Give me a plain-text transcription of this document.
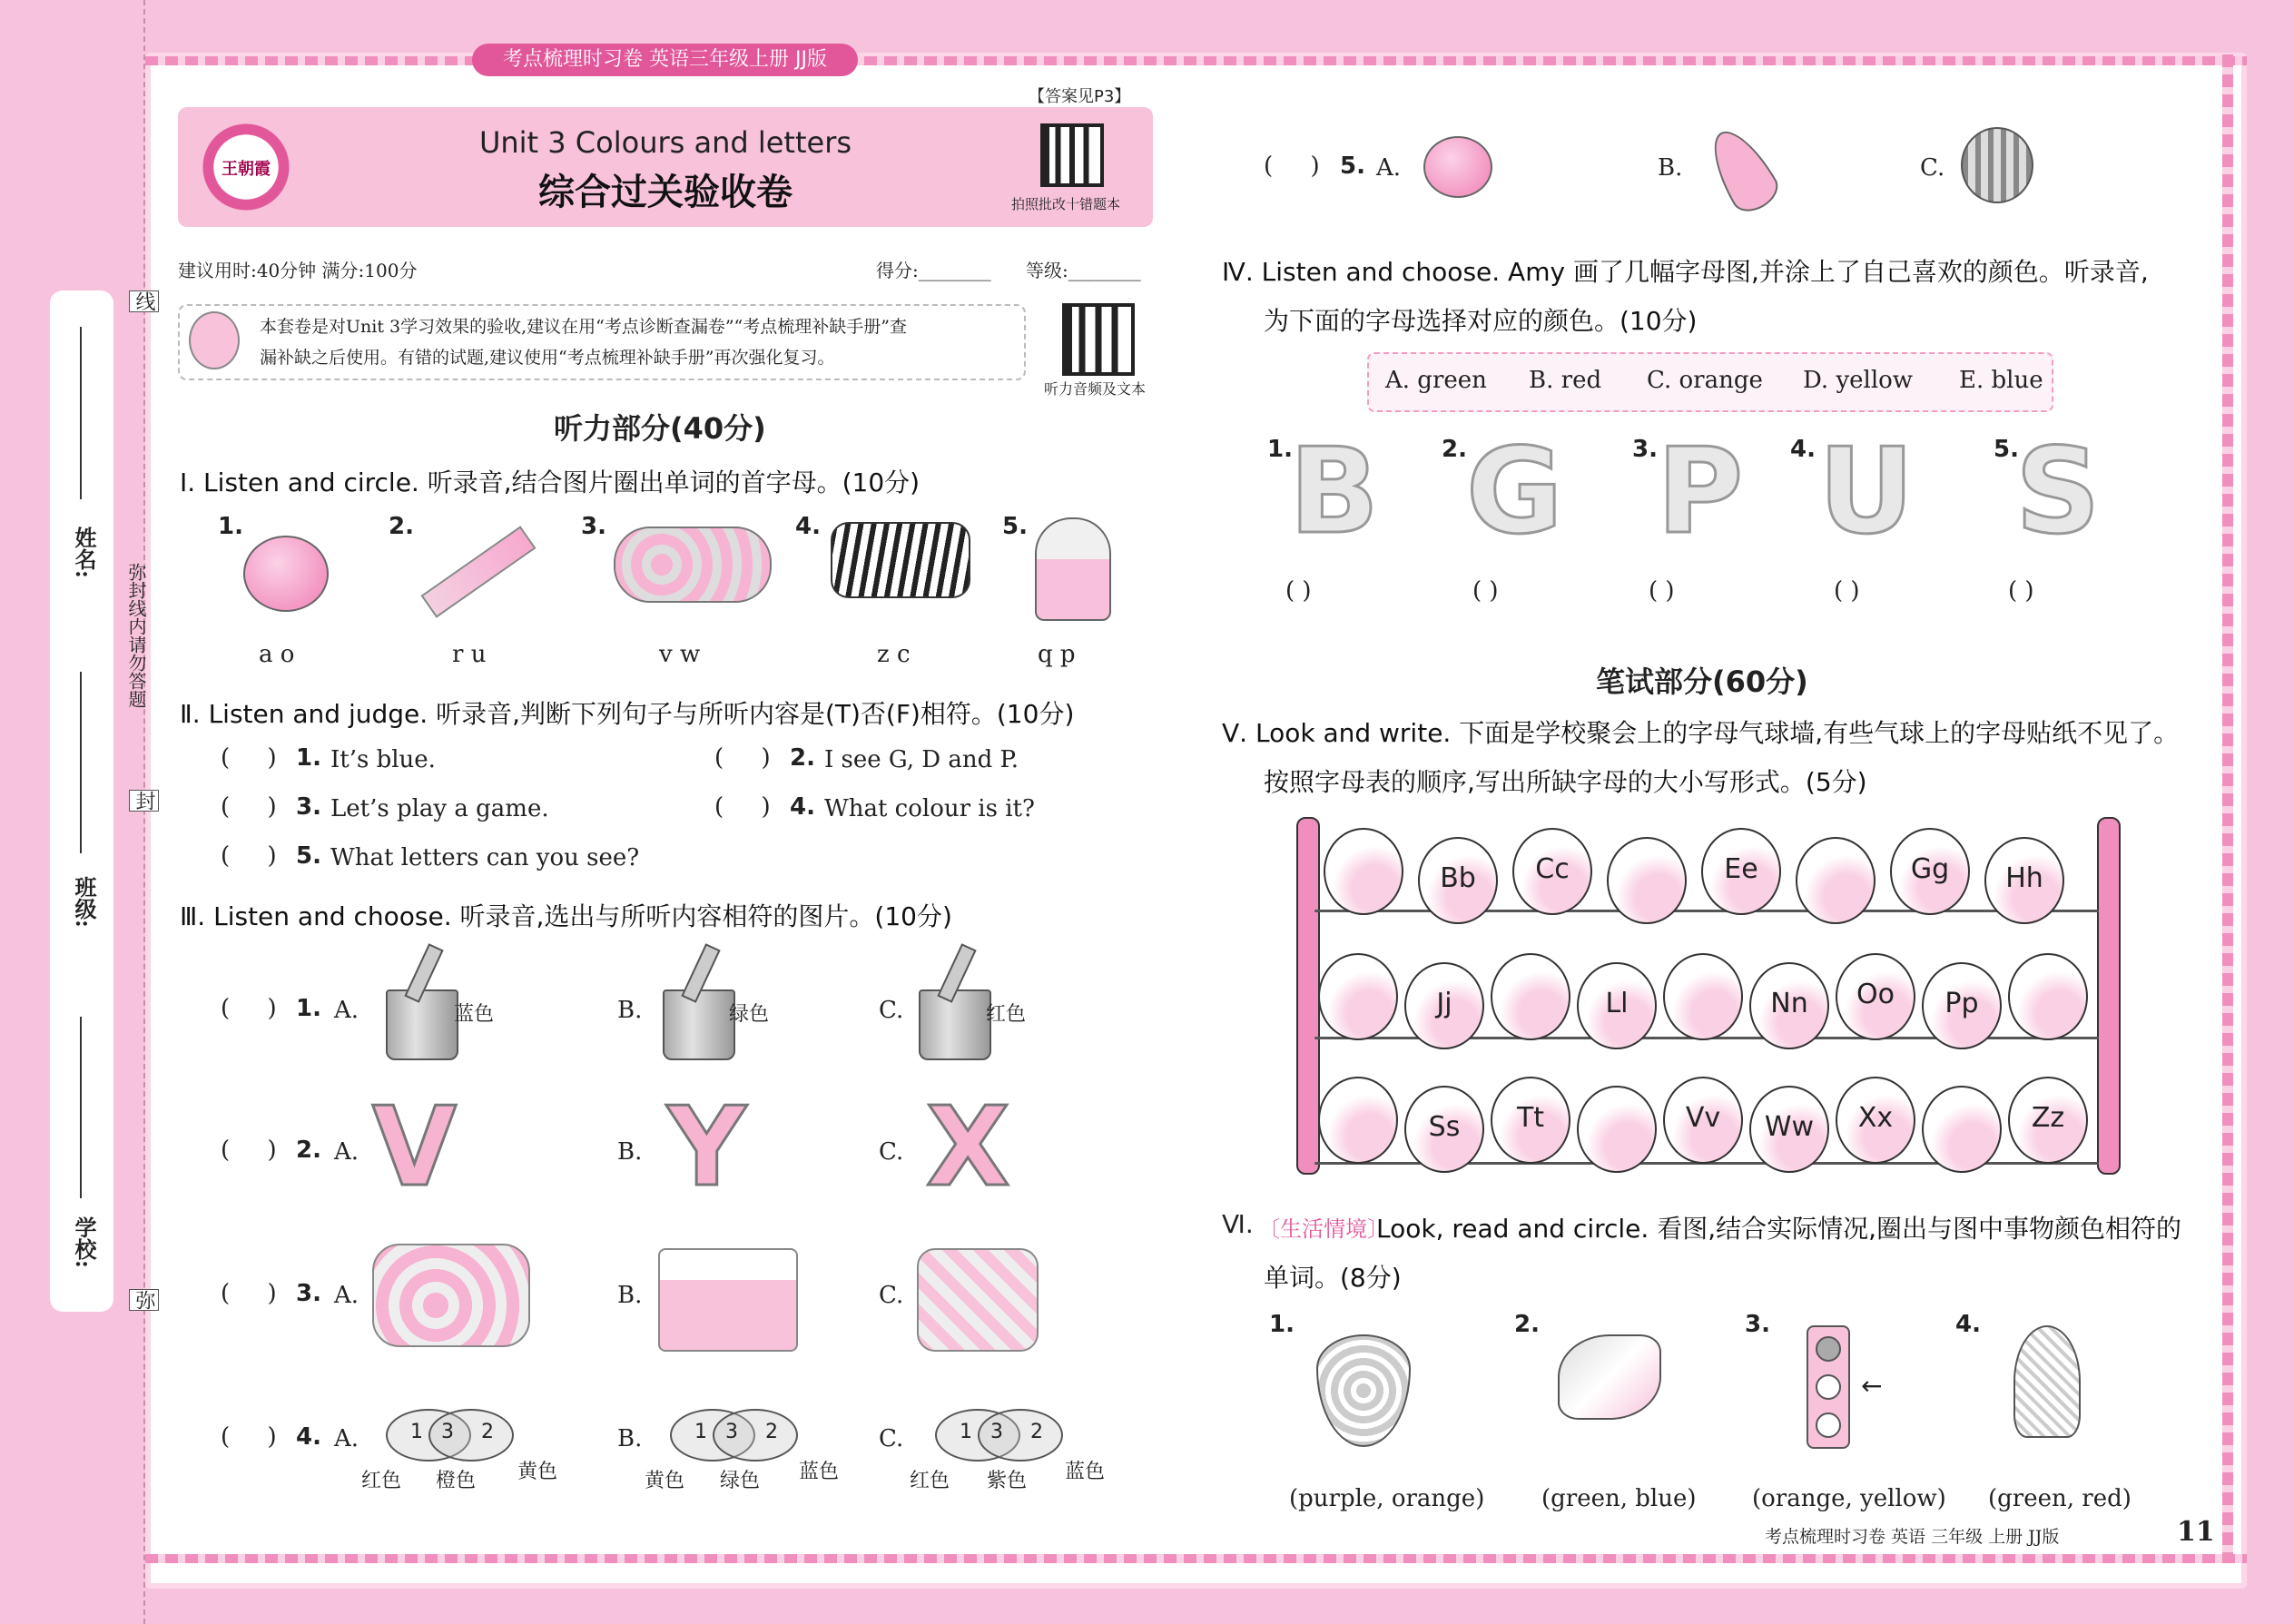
姓名:
班级:
学校:
线
弥封线内请勿答题
封
弥
考点梳理时习卷 英语三年级上册 JJ版
【答案见P3】
王朝霞
Unit 3 Colours and letters
综合过关验收卷	拍照批改十错题本
建议用时:40分钟 满分:100分	得分:________ 等级:________
本套卷是对Unit 3学习效果的验收,建议在用“考点诊断查漏卷”“考点梳理补缺手册”查
漏补缺之后使用。有错的试题,建议使用“考点梳理补缺手册”再次强化复习。
听力音频及文本
听力部分(40分)
Ⅰ. Listen and circle. 听录音,结合图片圈出单词的首字母。(10分)
1.
a o
2.
r u
3.
v w
4.
z c
5.
q p
Ⅱ. Listen and judge. 听录音,判断下列句子与所听内容是(T)否(F)相符。(10分)
(     ) 1. It’s blue.	(     ) 2. I see G, D and P.
(     ) 3. Let’s play a game.	(     ) 4. What colour is it?
(     ) 5. What letters can you see?
Ⅲ. Listen and choose. 听录音,选出与所听内容相符的图片。(10分)
(     ) 1. A.	蓝色	B.	绿色	C.	红色
(     ) 2. A. V	B. Y	C. X
(     ) 3. A.	B.	C.
(     ) 4. A.	1 3 2
红色 橙色 黄色
B.	1 3 2
黄色 绿色 蓝色
C.	1 3 2
红色 紫色 蓝色
(     ) 5. A.	B.	C.
Ⅳ. Listen and choose. Amy 画了几幅字母图,并涂上了自己喜欢的颜色。听录音,
为下面的字母选择对应的颜色。(10分)
A. green B. red C. orange D. yellow E. blue
1.
B
( )
2. G
( )
3. P
( )
4. U
( )
5.
S
( )
笔试部分(60分)
Ⅴ. Look and write. 下面是学校聚会上的字母气球墙,有些气球上的字母贴纸不见了。
按照字母表的顺序,写出所缺字母的大小写形式。(5分)
Bb	Cc	Ee	Gg	Hh
Jj	Ll	Nn	Oo	Pp
Ss	Tt	Vv	Ww	Xx	Zz
Ⅵ. 〔生活情境〕
Look, read and circle. 看图,结合实际情况,圈出与图中事物颜色相符的
单词。(8分)
1.
(purple, orange)
2.
(green, blue)
3.
←
(orange, yellow)
4.
(green, red)
考点梳理时习卷 英语 三年级 上册 JJ版	11
